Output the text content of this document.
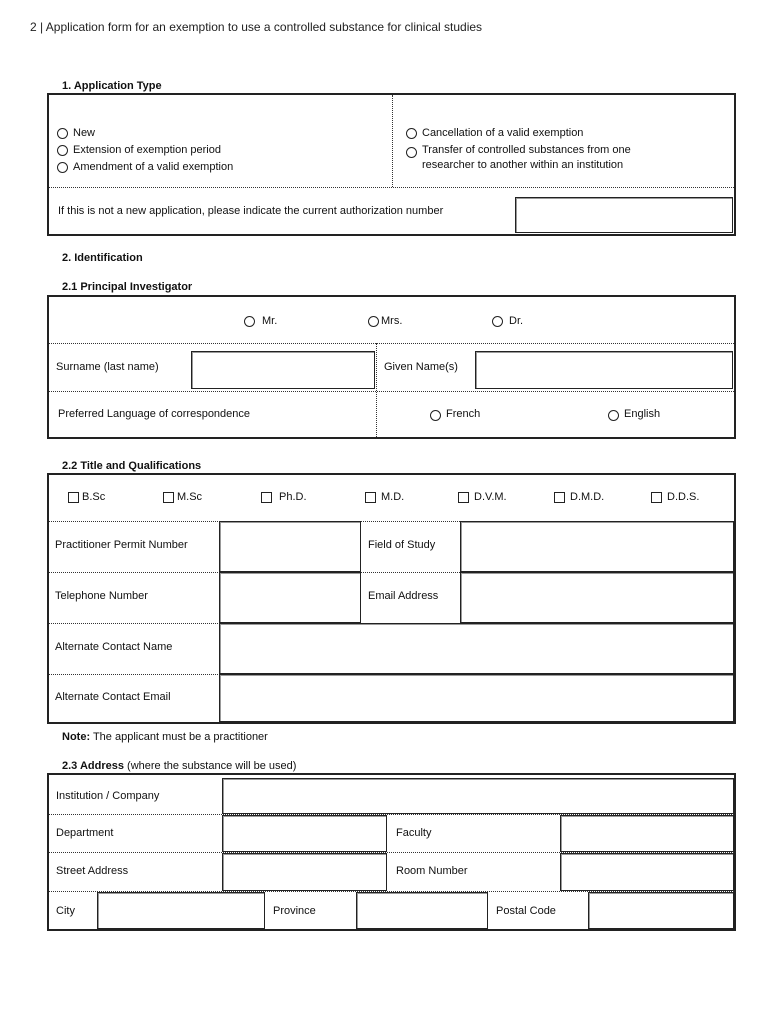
2 | Application form for an exemption to use a controlled substance for clinical studies
1. Application Type
New
Extension of exemption period
Amendment of a valid exemption
Cancellation of a valid exemption
Transfer of controlled substances from one
researcher to another within an institution
If this is not a new application, please indicate the current authorization number
2. Identification
2.1 Principal Investigator
Mr.	Mrs.	Dr.
Surname (last name)	Given Name(s)
Preferred Language of correspondence	French	English
2.2 Title and Qualifications
B.Sc	M.Sc	Ph.D.	M.D.	D.V.M.	D.M.D.	D.D.S.
Practitioner Permit Number	Field of Study
Telephone Number	Email Address
Alternate Contact Name
Alternate Contact Email
Note: The applicant must be a practitioner
2.3 Address (where the substance will be used)
Institution / Company
Department	Faculty
Street Address	Room Number
City	Province	Postal Code
